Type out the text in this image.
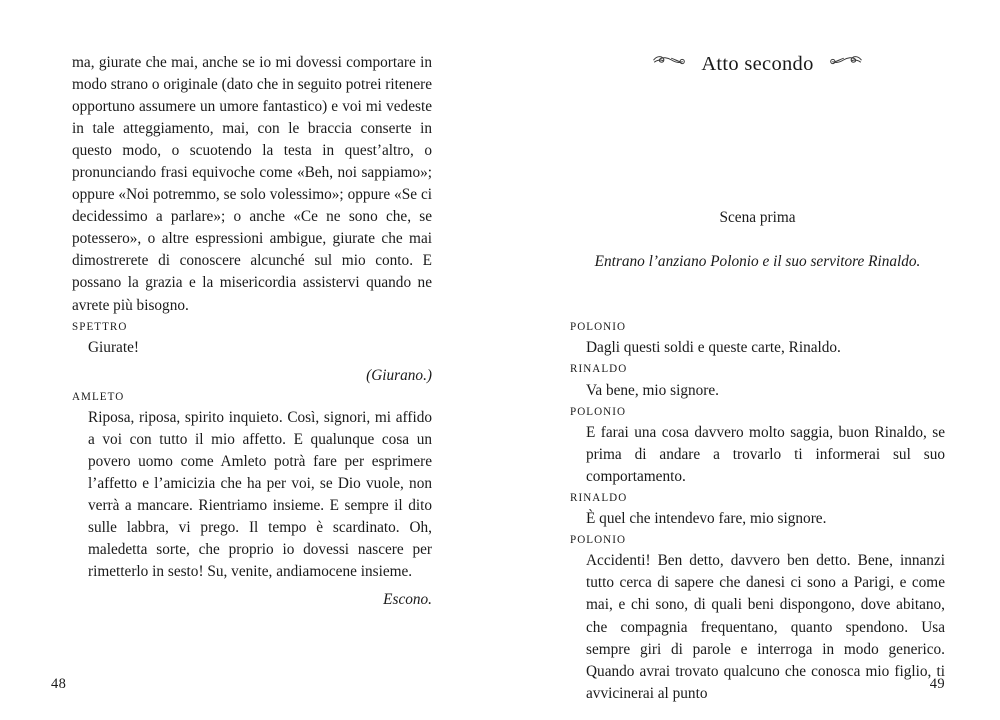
ma, giurate che mai, anche se io mi dovessi comportare in modo strano o originale (dato che in seguito potrei ritenere opportuno assumere un umore fantastico) e voi mi vedeste in tale atteggiamento, mai, con le braccia conserte in questo modo, o scuotendo la testa in quest’altro, o pronunciando frasi equivoche come «Beh, noi sappiamo»; oppure «Noi potremmo, se solo volessimo»; oppure «Se ci decidessimo a parlare»; o anche «Ce ne sono che, se potessero», o altre espressioni ambigue, giurate che mai dimostrerete di conoscere alcunché sul mio conto. E possano la grazia e la misericordia assistervi quando ne avrete più bisogno.

SPETTRO

Giurate!

(Giurano.)

AMLETO

Riposa, riposa, spirito inquieto. Così, signori, mi affido a voi con tutto il mio affetto. E qualunque cosa un povero uomo come Amleto potrà fare per esprimere l’affetto e l’amicizia che ha per voi, se Dio vuole, non verrà a mancare. Rientriamo insieme. E sempre il dito sulle labbra, vi prego. Il tempo è scardinato. Oh, maledetta sorte, che proprio io dovessi nascere per rimetterlo in sesto! Su, venite, andiamocene insieme.

Escono.

48
Atto secondo

Scena prima

Entrano l’anziano Polonio e il suo servitore Rinaldo.

POLONIO

Dagli questi soldi e queste carte, Rinaldo.

RINALDO

Va bene, mio signore.

POLONIO

E farai una cosa davvero molto saggia, buon Rinaldo, se prima di andare a trovarlo ti informerai sul suo comportamento.

RINALDO

È quel che intendevo fare, mio signore.

POLONIO

Accidenti! Ben detto, davvero ben detto. Bene, innanzi tutto cerca di sapere che danesi ci sono a Parigi, e come mai, e chi sono, di quali beni dispongono, dove abitano, che compagnia frequentano, quanto spendono. Usa sempre giri di parole e interroga in modo generico. Quando avrai trovato qualcuno che conosca mio figlio, ti avvicinerai al punto

49
